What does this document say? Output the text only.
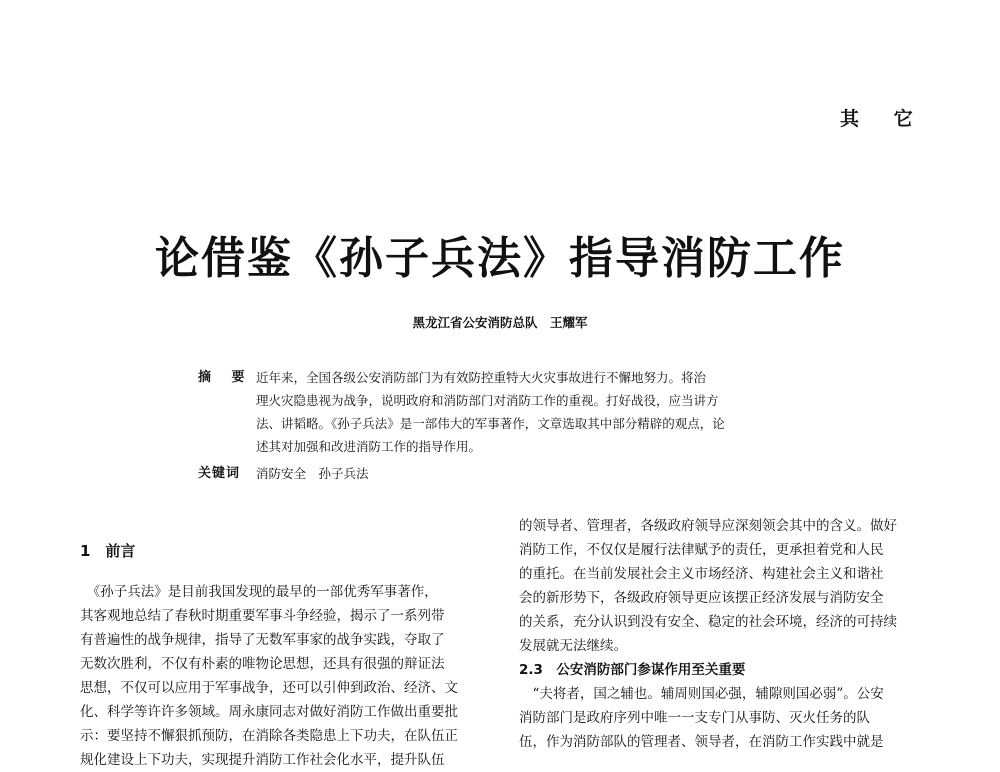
其 它
论借鉴《孙子兵法》指导消防工作
黑龙江省公安消防总队　王耀军
摘 要 近年来，全国各级公安消防部门为有效防控重特大火灾事故进行不懈地努力。将治
理火灾隐患视为战争，说明政府和消防部门对消防工作的重视。打好战役，应当讲方
法、讲韬略。《孙子兵法》是一部伟大的军事著作，文章选取其中部分精辟的观点，论
述其对加强和改进消防工作的指导作用。
关键词	消防安全　孙子兵法
1　前言
　《孙子兵法》是目前我国发现的最早的一部优秀军事著作，
其客观地总结了春秋时期重要军事斗争经验，揭示了一系列带
有普遍性的战争规律，指导了无数军事家的战争实践，夺取了
无数次胜利，不仅有朴素的唯物论思想，还具有很强的辩证法
思想，不仅可以应用于军事战争，还可以引伸到政治、经济、文
化、科学等许许多领域。周永康同志对做好消防工作做出重要批
示：要坚持不懈狠抓预防，在消除各类隐患上下功夫，在队伍正
规化建设上下功夫，实现提升消防工作社会化水平，提升队伍
的领导者、管理者，各级政府领导应深刻领会其中的含义。做好
消防工作，不仅仅是履行法律赋予的责任，更承担着党和人民
的重托。在当前发展社会主义市场经济、构建社会主义和谐社
会的新形势下，各级政府领导更应该摆正经济发展与消防安全
的关系，充分认识到没有安全、稳定的社会环境，经济的可持续
发展就无法继续。
2.3　公安消防部门参谋作用至关重要
　“夫将者，国之辅也。辅周则国必强，辅隙则国必弱”。公安
消防部门是政府序列中唯一一支专门从事防、灭火任务的队
伍，作为消防部队的管理者、领导者，在消防工作实践中就是
